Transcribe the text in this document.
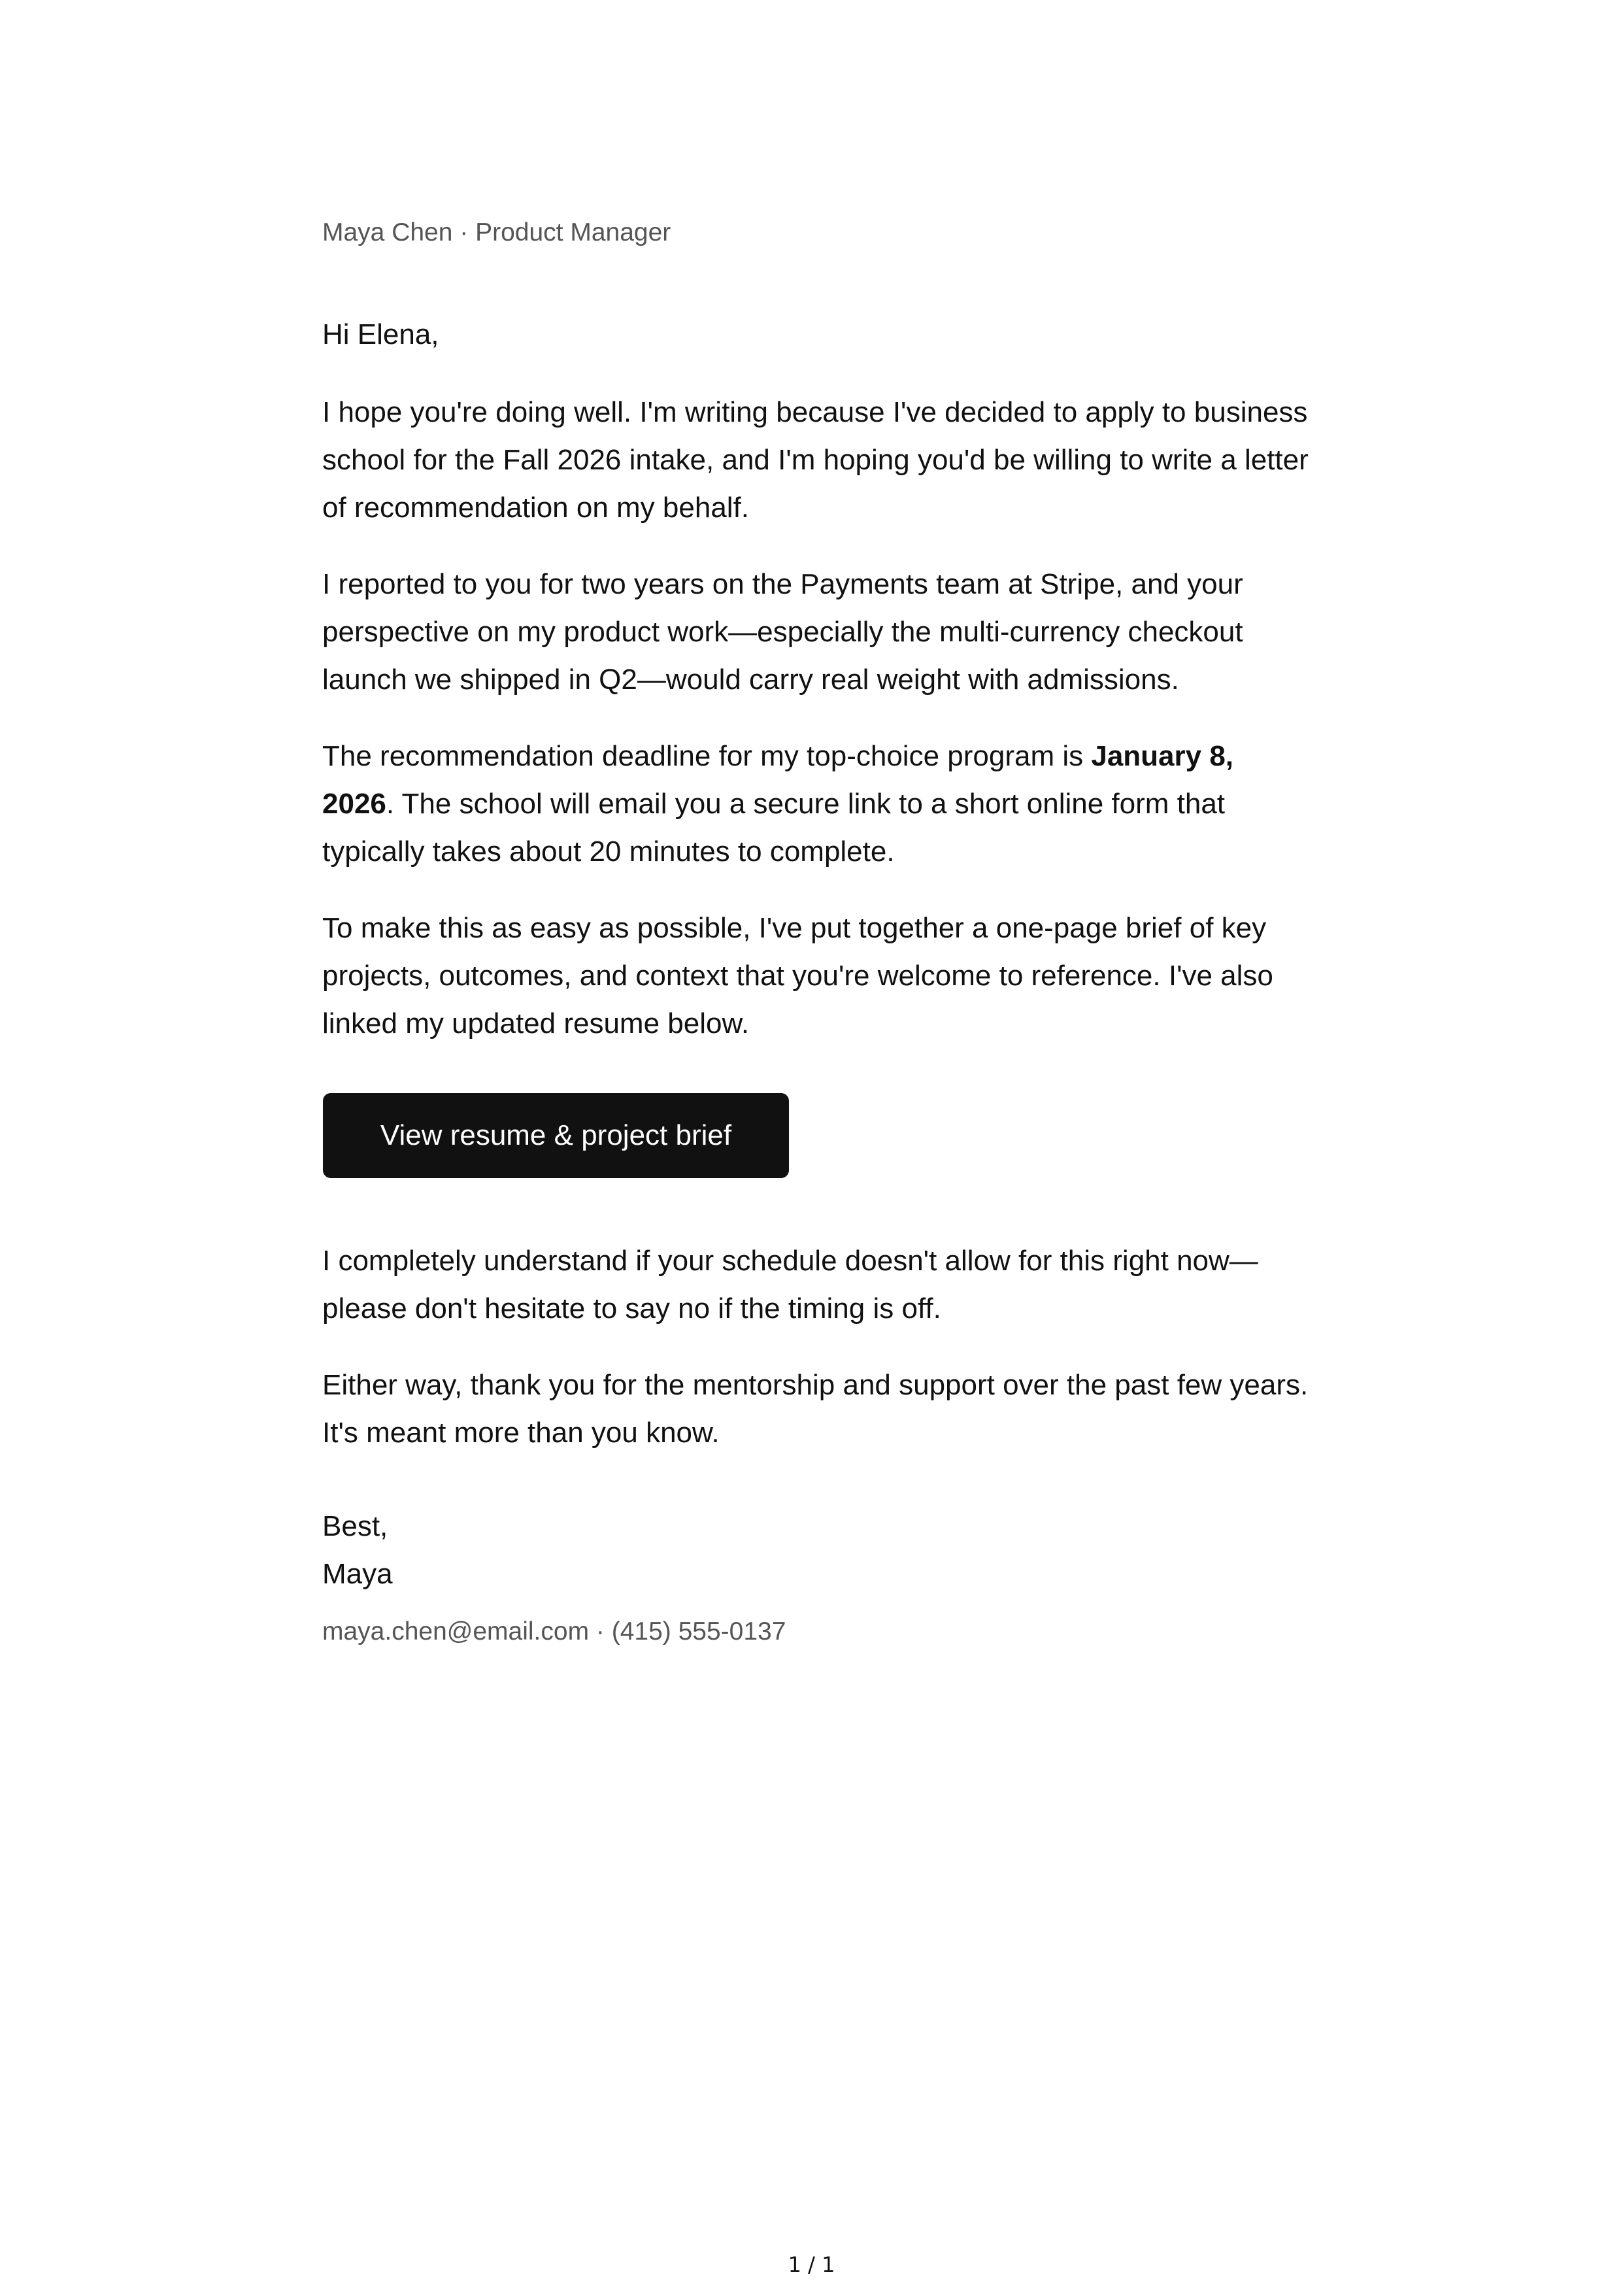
Maya Chen · Product Manager

Hi Elena,

I hope you're doing well. I'm writing because I've decided to apply to business school for the Fall 2026 intake, and I'm hoping you'd be willing to write a letter of recommendation on my behalf.

I reported to you for two years on the Payments team at Stripe, and your perspective on my product work—especially the multi-currency checkout launch we shipped in Q2—would carry real weight with admissions.

The recommendation deadline for my top-choice program is January 8, 2026. The school will email you a secure link to a short online form that typically takes about 20 minutes to complete.

To make this as easy as possible, I've put together a one-page brief of key projects, outcomes, and context that you're welcome to reference. I've also linked my updated resume below.

View resume & project brief

I completely understand if your schedule doesn't allow for this right now—please don't hesitate to say no if the timing is off.

Either way, thank you for the mentorship and support over the past few years. It's meant more than you know.

Best,

Maya

maya.chen@email.com · (415) 555-0137
1 / 1
